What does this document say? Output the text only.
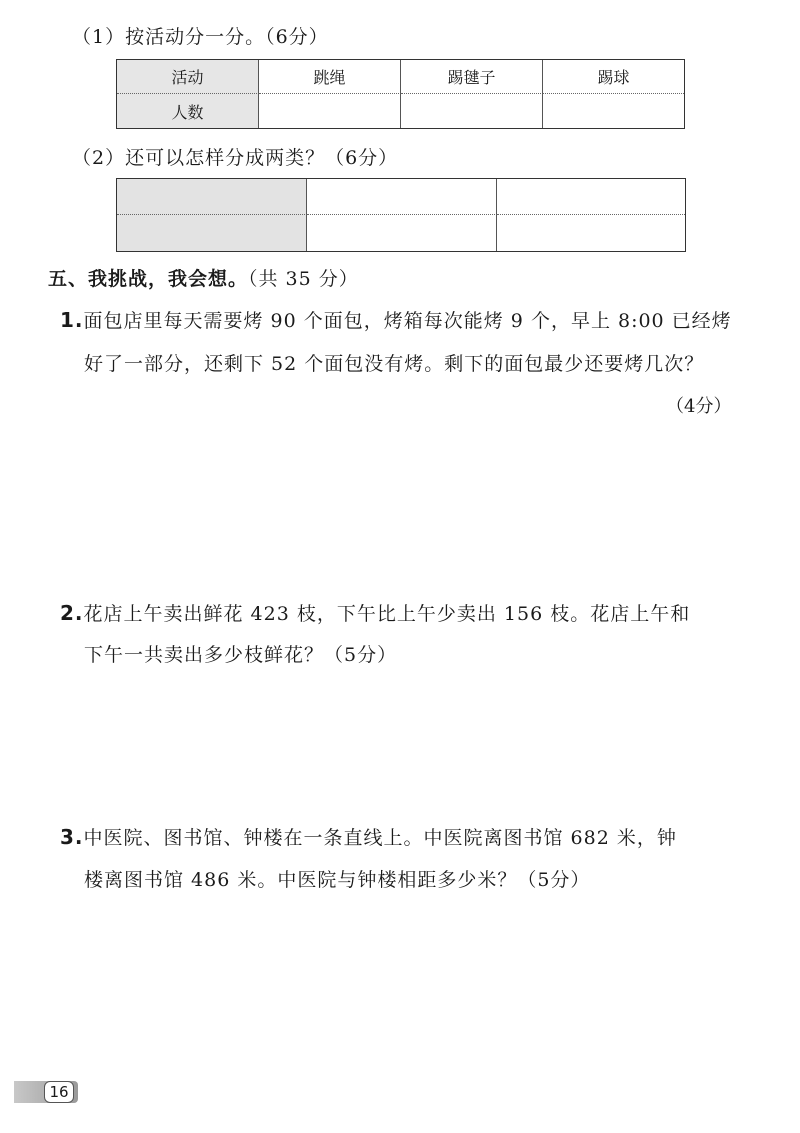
（1）按活动分一分。（6分）
活动	跳绳	踢毽子	踢球
人数
（2）还可以怎样分成两类？（6分）
五、我挑战，我会想。（共 35 分）
1.面包店里每天需要烤 90 个面包，烤箱每次能烤 9 个，早上 8:00 已经烤
好了一部分，还剩下 52 个面包没有烤。剩下的面包最少还要烤几次？
（4分）
2.花店上午卖出鲜花 423 枝，下午比上午少卖出 156 枝。花店上午和
下午一共卖出多少枝鲜花？（5分）
3.中医院、图书馆、钟楼在一条直线上。中医院离图书馆 682 米，钟
楼离图书馆 486 米。中医院与钟楼相距多少米？（5分）
16
